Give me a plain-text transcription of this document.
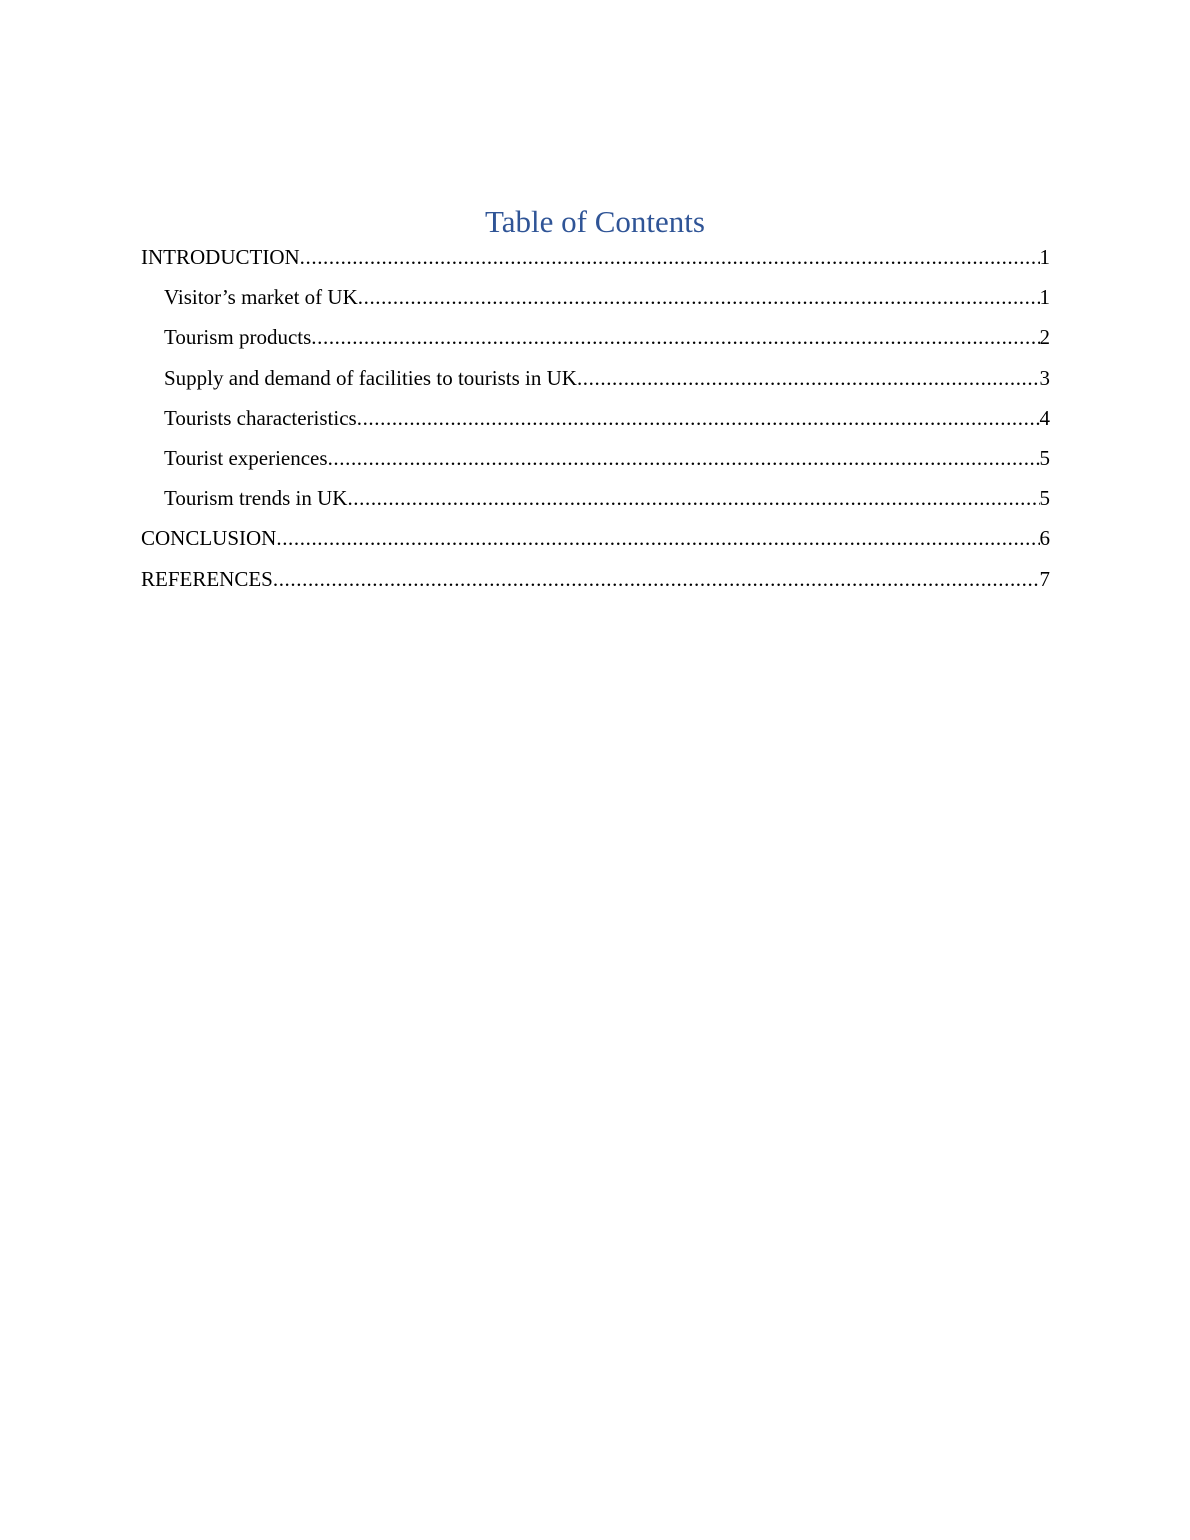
Table of Contents
INTRODUCTION .....	1
Visitor’s market of UK .....	1
Tourism products .....	2
Supply and demand of facilities to tourists in UK .....	3
Tourists characteristics .....	4
Tourist experiences .....	5
Tourism trends in UK .....	5
CONCLUSION .....	6
REFERENCES .....	7
